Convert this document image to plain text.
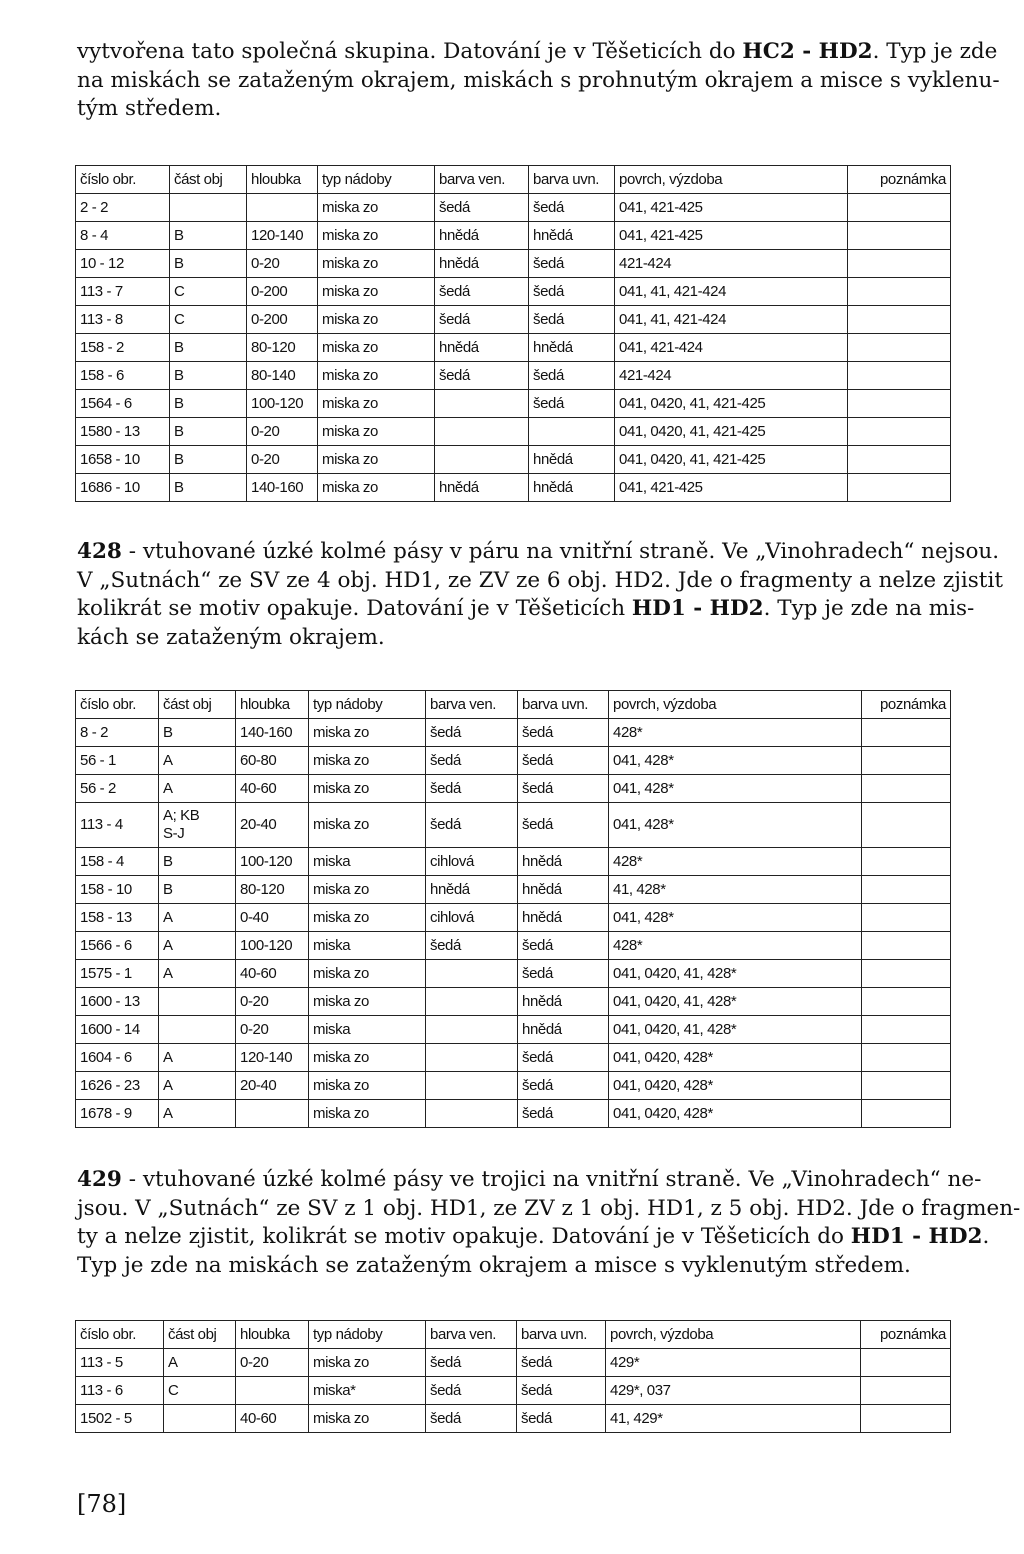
vytvořena tato společná skupina. Datování je v Těšeticích do HC2 - HD2. Typ je zde
na miskách se zataženým okrajem, miskách s prohnutým okrajem a misce s vyklenu-
tým středem.

číslo obr.	část obj	hloubka	typ nádoby	barva ven.	barva uvn.	povrch, výzdoba	poznámka
2 - 2			miska zo	šedá	šedá	041, 421-425	
8 - 4	B	120-140	miska zo	hnědá	hnědá	041, 421-425	
10 - 12	B	0-20	miska zo	hnědá	šedá	421-424	
113 - 7	C	0-200	miska zo	šedá	šedá	041, 41, 421-424	
113 - 8	C	0-200	miska zo	šedá	šedá	041, 41, 421-424	
158 - 2	B	80-120	miska zo	hnědá	hnědá	041, 421-424	
158 - 6	B	80-140	miska zo	šedá	šedá	421-424	
1564 - 6	B	100-120	miska zo		šedá	041, 0420, 41, 421-425	
1580 - 13	B	0-20	miska zo			041, 0420, 41, 421-425	
1658 - 10	B	0-20	miska zo		hnědá	041, 0420, 41, 421-425	
1686 - 10	B	140-160	miska zo	hnědá	hnědá	041, 421-425	

428 - vtuhované úzké kolmé pásy v páru na vnitřní straně. Ve „Vinohradech“ nejsou.
V „Sutnách“ ze SV ze 4 obj. HD1, ze ZV ze 6 obj. HD2. Jde o fragmenty a nelze zjistit
kolikrát se motiv opakuje. Datování je v Těšeticích HD1 - HD2. Typ je zde na mis-
kách se zataženým okrajem.

číslo obr.	část obj	hloubka	typ nádoby	barva ven.	barva uvn.	povrch, výzdoba	poznámka
8 - 2	B	140-160	miska zo	šedá	šedá	428*	
56 - 1	A	60-80	miska zo	šedá	šedá	041, 428*	
56 - 2	A	40-60	miska zo	šedá	šedá	041, 428*	
113 - 4	A; KB
S-J	20-40	miska zo	šedá	šedá	041, 428*	
158 - 4	B	100-120	miska	cihlová	hnědá	428*	
158 - 10	B	80-120	miska zo	hnědá	hnědá	41, 428*	
158 - 13	A	0-40	miska zo	cihlová	hnědá	041, 428*	
1566 - 6	A	100-120	miska	šedá	šedá	428*	
1575 - 1	A	40-60	miska zo		šedá	041, 0420, 41, 428*	
1600 - 13		0-20	miska zo		hnědá	041, 0420, 41, 428*	
1600 - 14		0-20	miska		hnědá	041, 0420, 41, 428*	
1604 - 6	A	120-140	miska zo		šedá	041, 0420, 428*	
1626 - 23	A	20-40	miska zo		šedá	041, 0420, 428*	
1678 - 9	A		miska zo		šedá	041, 0420, 428*	

429 - vtuhované úzké kolmé pásy ve trojici na vnitřní straně. Ve „Vinohradech“ ne-
jsou. V „Sutnách“ ze SV z 1 obj. HD1, ze ZV z 1 obj. HD1, z 5 obj. HD2. Jde o fragmen-
ty a nelze zjistit, kolikrát se motiv opakuje. Datování je v Těšeticích do HD1 - HD2.
Typ je zde na miskách se zataženým okrajem a misce s vyklenutým středem.

číslo obr.	část obj	hloubka	typ nádoby	barva ven.	barva uvn.	povrch, výzdoba	poznámka
113 - 5	A	0-20	miska zo	šedá	šedá	429*	
113 - 6	C		miska*	šedá	šedá	429*, 037	
1502 - 5		40-60	miska zo	šedá	šedá	41, 429*	

[78]
